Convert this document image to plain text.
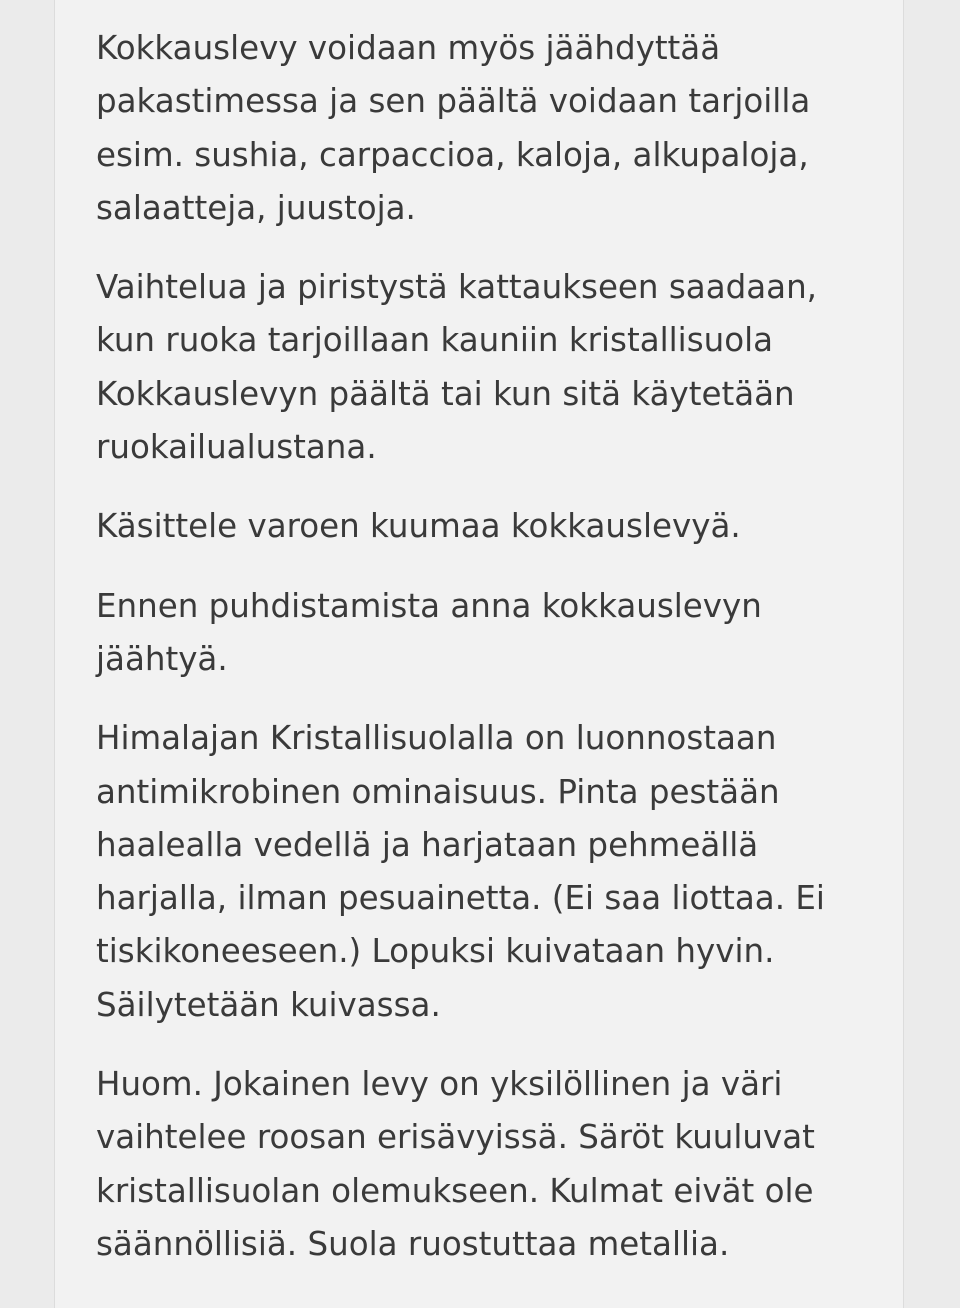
Kokkauslevy voidaan myös jäähdyttää
pakastimessa ja sen päältä voidaan tarjoilla
esim. sushia, carpaccioa, kaloja, alkupaloja,
salaatteja, juustoja.

Vaihtelua ja piristystä kattaukseen saadaan,
kun ruoka tarjoillaan kauniin kristallisuola
Kokkauslevyn päältä tai kun sitä käytetään
ruokailualustana.

Käsittele varoen kuumaa kokkauslevyä.

Ennen puhdistamista anna kokkauslevyn
jäähtyä.

Himalajan Kristallisuolalla on luonnostaan
antimikrobinen ominaisuus. Pinta pestään
haalealla vedellä ja harjataan pehmeällä
harjalla, ilman pesuainetta. (Ei saa liottaa. Ei
tiskikoneeseen.) Lopuksi kuivataan hyvin.
Säilytetään kuivassa.

Huom. Jokainen levy on yksilöllinen ja väri
vaihtelee roosan erisävyissä. Säröt kuuluvat
kristallisuolan olemukseen. Kulmat eivät ole
säännöllisiä. Suola ruostuttaa metallia.
